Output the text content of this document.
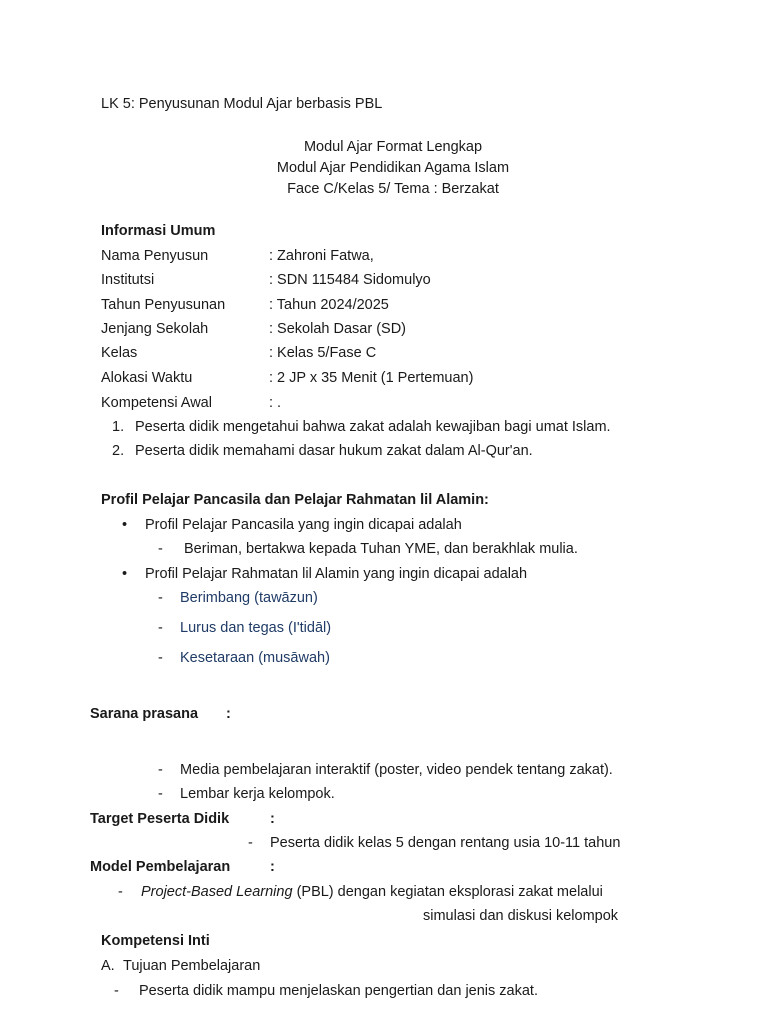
LK 5: Penyusunan Modul Ajar berbasis PBL
Modul Ajar Format Lengkap
Modul Ajar Pendidikan Agama Islam
Face C/Kelas 5/ Tema : Berzakat
Informasi Umum
Nama Penyusun	: Zahroni Fatwa,
Institutsi	: SDN 115484 Sidomulyo
Tahun Penyusunan	: Tahun 2024/2025
Jenjang Sekolah	: Sekolah Dasar (SD)
Kelas	: Kelas 5/Fase C
Alokasi Waktu	: 2 JP x 35 Menit (1 Pertemuan)
Kompetensi Awal	: .
1. Peserta didik mengetahui bahwa zakat adalah kewajiban bagi umat Islam.
2. Peserta didik memahami dasar hukum zakat dalam Al-Qur'an.
Profil Pelajar Pancasila dan Pelajar Rahmatan lil Alamin:
• Profil Pelajar Pancasila yang ingin dicapai adalah
- Beriman, bertakwa kepada Tuhan YME, dan berakhlak mulia.
• Profil Pelajar Rahmatan lil Alamin yang ingin dicapai adalah
- Berimbang (tawāzun)
- Lurus dan tegas (I'tidāl)
- Kesetaraan (musāwah)
Sarana prasana :
- Media pembelajaran interaktif (poster, video pendek tentang zakat).
- Lembar kerja kelompok.
Target Peserta Didik	:
- Peserta didik kelas 5 dengan rentang usia 10-11 tahun
Model Pembelajaran	:
- Project-Based Learning (PBL) dengan kegiatan eksplorasi zakat melalui
simulasi dan diskusi kelompok
Kompetensi Inti
A. Tujuan Pembelajaran
- Peserta didik mampu menjelaskan pengertian dan jenis zakat.
